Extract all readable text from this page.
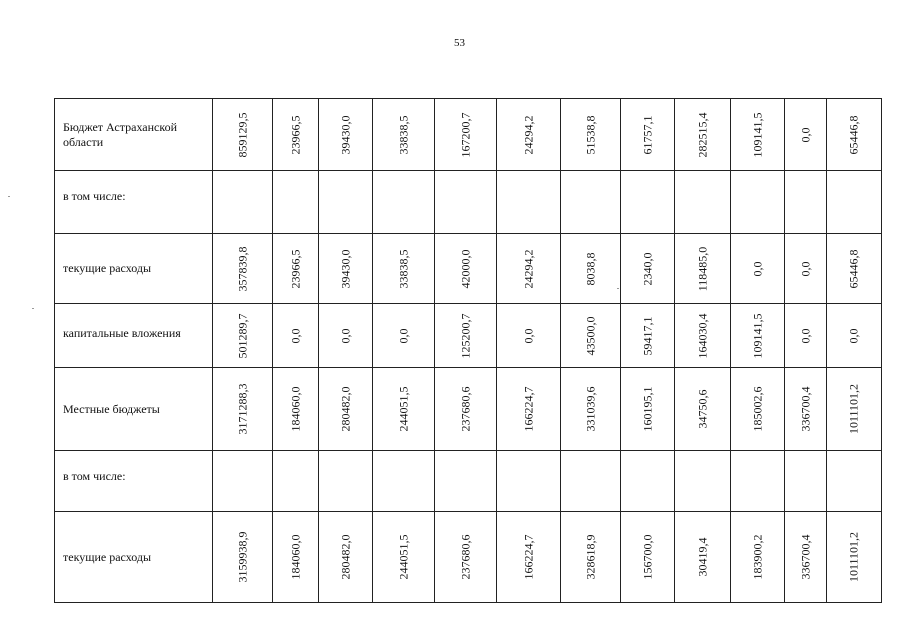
53
Бюджет Астраханской области	859129,5	23966,5	39430,0	33838,5	167200,7	24294,2	51538,8	61757,1	282515,4	109141,5	0,0	65446,8

в том числе:												

текущие расходы	357839,8	23966,5	39430,0	33838,5	42000,0	24294,2	8038,8	2340,0	118485,0	0,0	0,0	65446,8

капитальные вложения	501289,7	0,0	0,0	0,0	125200,7	0,0	43500,0	59417,1	164030,4	109141,5	0,0	0,0

Местные бюджеты	3171288,3	184060,0	280482,0	244051,5	237680,6	166224,7	331039,6	160195,1	34750,6	185002,6	336700,4	1011101,2

в том числе:												

текущие расходы	3159938,9	184060,0	280482,0	244051,5	237680,6	166224,7	328618,9	156700,0	30419,4	183900,2	336700,4	1011101,2
